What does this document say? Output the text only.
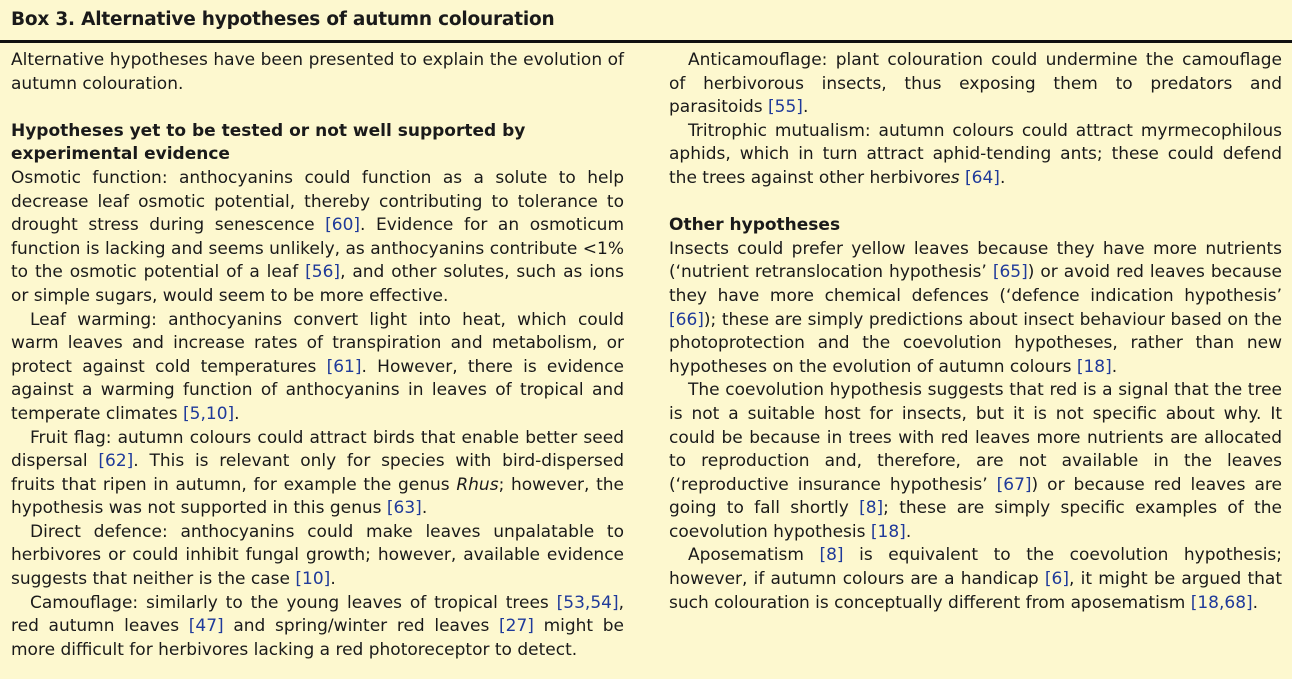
Box 3. Alternative hypotheses of autumn colouration

Alternative hypotheses have been presented to explain the evolution of autumn colouration.

Hypotheses yet to be tested or not well supported by experimental evidence

Osmotic function: anthocyanins could function as a solute to help decrease leaf osmotic potential, thereby contributing to tolerance to drought stress during senescence [60]. Evidence for an osmoticum function is lacking and seems unlikely, as anthocyanins contribute <1% to the osmotic potential of a leaf [56], and other solutes, such as ions or simple sugars, would seem to be more effective.

Leaf warming: anthocyanins convert light into heat, which could warm leaves and increase rates of transpiration and metabolism, or protect against cold temperatures [61]. However, there is evidence against a warming function of anthocyanins in leaves of tropical and temperate climates [5,10].

Fruit flag: autumn colours could attract birds that enable better seed dispersal [62]. This is relevant only for species with bird-dispersed fruits that ripen in autumn, for example the genus Rhus; however, the hypothesis was not supported in this genus [63].

Direct defence: anthocyanins could make leaves unpalatable to herbivores or could inhibit fungal growth; however, available evidence suggests that neither is the case [10].

Camouflage: similarly to the young leaves of tropical trees [53,54], red autumn leaves [47] and spring/winter red leaves [27] might be more difficult for herbivores lacking a red photoreceptor to detect.

Anticamouflage: plant colouration could undermine the camouflage of herbivorous insects, thus exposing them to predators and parasitoids [55].

Tritrophic mutualism: autumn colours could attract myrmecophilous aphids, which in turn attract aphid-tending ants; these could defend the trees against other herbivores [64].

Other hypotheses

Insects could prefer yellow leaves because they have more nutrients (‘nutrient retranslocation hypothesis’ [65]) or avoid red leaves because they have more chemical defences (‘defence indication hypothesis’ [66]); these are simply predictions about insect behaviour based on the photoprotection and the coevolution hypotheses, rather than new hypotheses on the evolution of autumn colours [18].

The coevolution hypothesis suggests that red is a signal that the tree is not a suitable host for insects, but it is not specific about why. It could be because in trees with red leaves more nutrients are allocated to reproduction and, therefore, are not available in the leaves (‘reproductive insurance hypothesis’ [67]) or because red leaves are going to fall shortly [8]; these are simply specific examples of the coevolution hypothesis [18].

Aposematism [8] is equivalent to the coevolution hypothesis; however, if autumn colours are a handicap [6], it might be argued that such colouration is conceptually different from aposematism [18,68].
